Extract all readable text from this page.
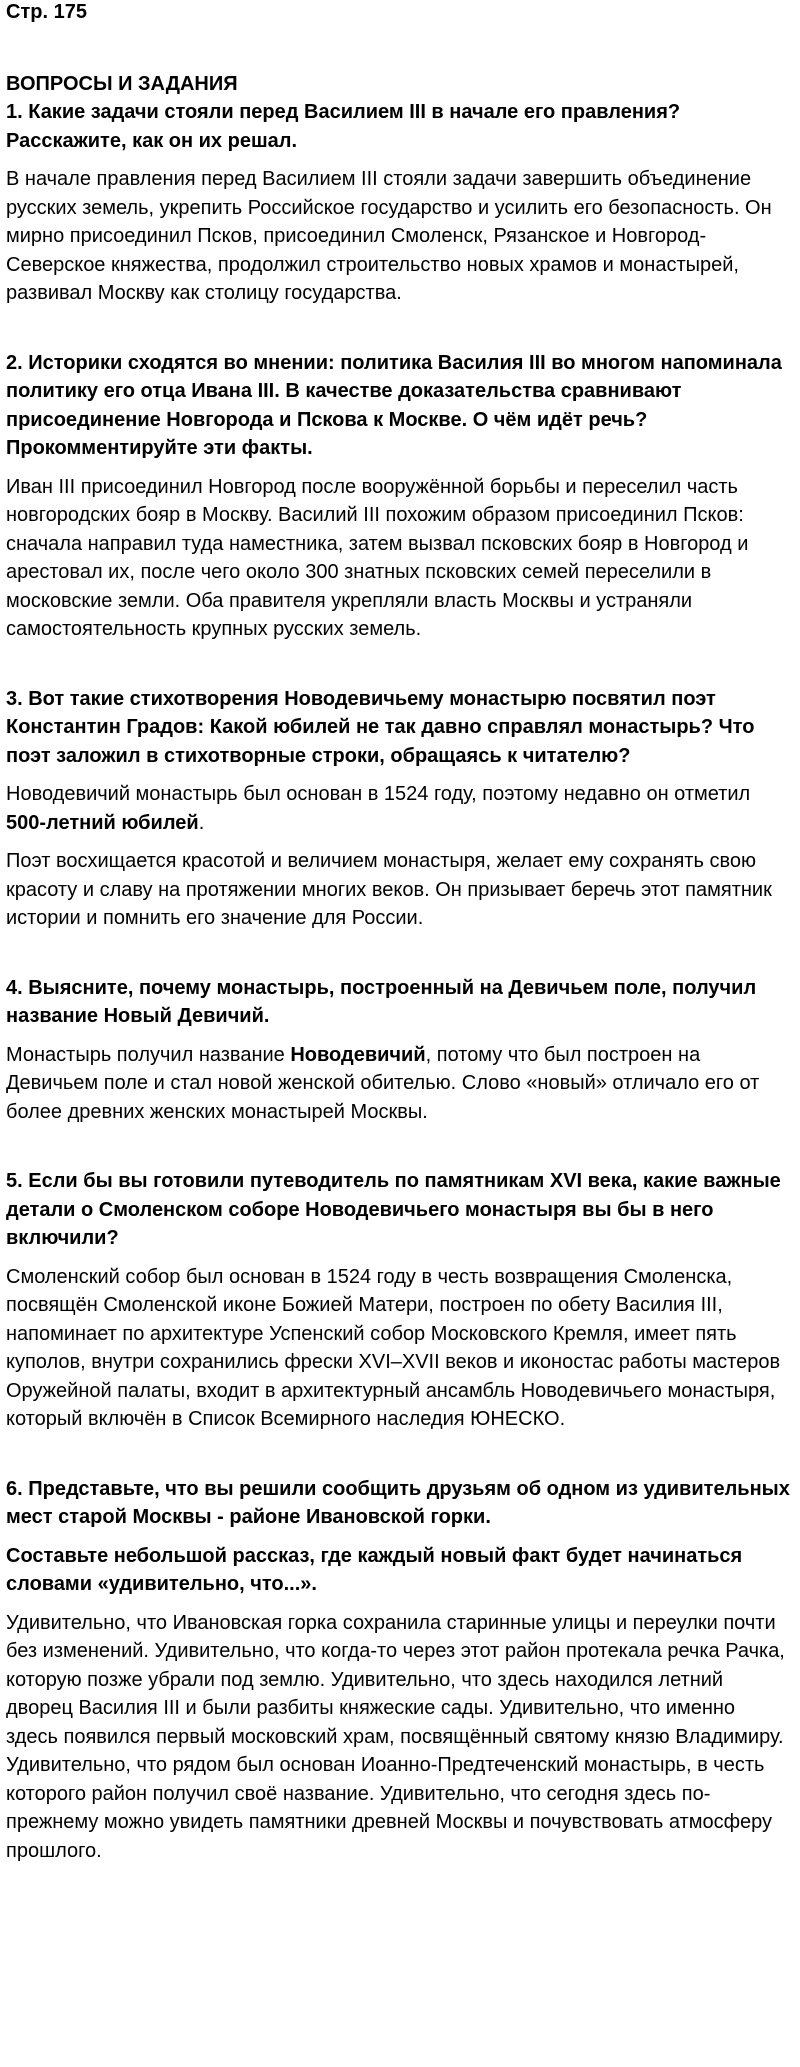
Стр. 175

ВОПРОСЫ И ЗАДАНИЯ

1. Какие задачи стояли перед Василием III в начале его правления? Расскажите, как он их решал.

В начале правления перед Василием III стояли задачи завершить объединение русских земель, укрепить Российское государство и усилить его безопасность. Он мирно присоединил Псков, присоединил Смоленск, Рязанское и Новгород-Северское княжества, продолжил строительство новых храмов и монастырей, развивал Москву как столицу государства.

2. Историки сходятся во мнении: политика Василия III во многом напоминала политику его отца Ивана III. В качестве доказательства сравнивают присоединение Новгорода и Пскова к Москве. О чём идёт речь? Прокомментируйте эти факты.

Иван III присоединил Новгород после вооружённой борьбы и переселил часть новгородских бояр в Москву. Василий III похожим образом присоединил Псков: сначала направил туда наместника, затем вызвал псковских бояр в Новгород и арестовал их, после чего около 300 знатных псковских семей переселили в московские земли. Оба правителя укрепляли власть Москвы и устраняли самостоятельность крупных русских земель.

3. Вот такие стихотворения Новодевичьему монастырю посвятил поэт Константин Градов: Какой юбилей не так давно справлял монастырь? Что поэт заложил в стихотворные строки, обращаясь к читателю?

Новодевичий монастырь был основан в 1524 году, поэтому недавно он отметил 500-летний юбилей.

Поэт восхищается красотой и величием монастыря, желает ему сохранять свою красоту и славу на протяжении многих веков. Он призывает беречь этот памятник истории и помнить его значение для России.

4. Выясните, почему монастырь, построенный на Девичьем поле, получил название Новый Девичий.

Монастырь получил название Новодевичий, потому что был построен на Девичьем поле и стал новой женской обителью. Слово «новый» отличало его от более древних женских монастырей Москвы.

5. Если бы вы готовили путеводитель по памятникам XVI века, какие важные детали о Смоленском соборе Новодевичьего монастыря вы бы в него включили?

Смоленский собор был основан в 1524 году в честь возвращения Смоленска, посвящён Смоленской иконе Божией Матери, построен по обету Василия III, напоминает по архитектуре Успенский собор Московского Кремля, имеет пять куполов, внутри сохранились фрески XVI–XVII веков и иконостас работы мастеров Оружейной палаты, входит в архитектурный ансамбль Новодевичьего монастыря, который включён в Список Всемирного наследия ЮНЕСКО.

6. Представьте, что вы решили сообщить друзьям об одном из удивительных мест старой Москвы - районе Ивановской горки.

Составьте небольшой рассказ, где каждый новый факт будет начинаться словами «удивительно, что...».

Удивительно, что Ивановская горка сохранила старинные улицы и переулки почти без изменений. Удивительно, что когда-то через этот район протекала речка Рачка, которую позже убрали под землю. Удивительно, что здесь находился летний дворец Василия III и были разбиты княжеские сады. Удивительно, что именно здесь появился первый московский храм, посвящённый святому князю Владимиру. Удивительно, что рядом был основан Иоанно-Предтеченский монастырь, в честь которого район получил своё название. Удивительно, что сегодня здесь по-прежнему можно увидеть памятники древней Москвы и почувствовать атмосферу прошлого.
